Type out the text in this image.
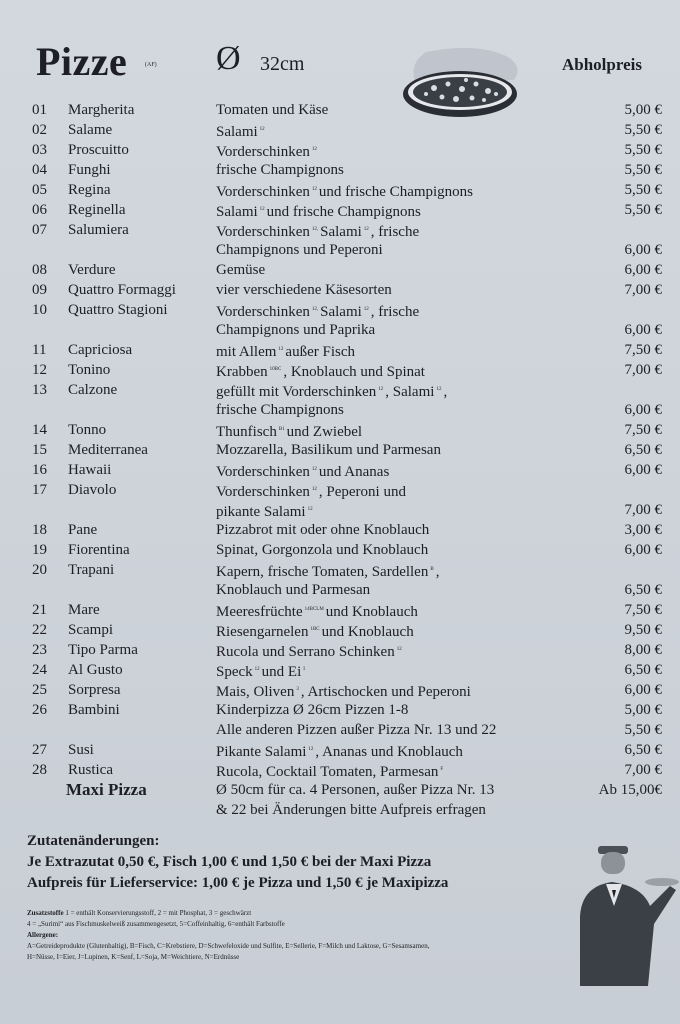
Pizze	(AF) Ø 32cm	Abholpreis
01 Margherita	Tomaten und Käse	5,00 €
02 Salame	Salami $^{12}$	5,50 €
03 Proscuitto	Vorderschinken $^{12}$	5,50 €
04 Funghi	frische Champignons	5,50 €
05 Regina	Vorderschinken $^{12}$ und frische Champignons	5,50 €
06 Reginella	Salami $^{12}$ und frische Champignons	5,50 €
07 Salumiera	Vorderschinken $^{12,}$ Salami $^{12}$ , frische
Champignons und Peperoni	6,00 €
08 Verdure	Gemüse	6,00 €
09 Quattro Formaggi	vier verschiedene Käsesorten	7,00 €
10 Quattro Stagioni	Vorderschinken $^{12,}$ Salami $^{12}$ , frische
Champignons und Paprika	6,00 €
11 Capriciosa	mit Allem $^{12}$ außer Fisch	7,50 €
12 Tonino	Krabben $^{10BC}$ , Knoblauch und Spinat	7,00 €
13 Calzone	gefüllt mit Vorderschinken $^{12}$ , Salami $^{12}$ ,
frische Champignons	6,00 €
14 Tonno	Thunfisch $^{B1}$ und Zwiebel	7,50 €
15 Mediterranea	Mozzarella, Basilikum und Parmesan	6,50 €
16 Hawaii	Vorderschinken $^{12}$ und Ananas	6,00 €
17 Diavolo	Vorderschinken $^{12}$ , Peperoni und
pikante Salami $^{12}$	7,00 €
18 Pane	Pizzabrot mit oder ohne Knoblauch	3,00 €
19 Fiorentina	Spinat, Gorgonzola und Knoblauch	6,00 €
20 Trapani	Kapern, frische Tomaten, Sardellen $^B$ ,
Knoblauch und Parmesan	6,50 €
21 Mare	Meeresfrüchte $^{14BCLM}$ und Knoblauch	7,50 €
22 Scampi	Riesengarnelen $^{1BC}$ und Knoblauch	9,50 €
23 Tipo Parma	Rucola und Serrano Schinken $^{12}$	8,00 €
24 Al Gusto	Speck $^{12}$ und Ei $^I$	6,50 €
25 Sorpresa	Mais, Oliven $^3$ , Artischocken und Peperoni	6,00 €
26 Bambini	Kinderpizza Ø 26cm Pizzen 1-8	5,00 €
Alle anderen Pizzen außer Pizza Nr. 13 und 22	5,50 €
27 Susi	Pikante Salami $^{12}$ , Ananas und Knoblauch	6,50 €
28 Rustica	Rucola, Cocktail Tomaten, Parmesan $^F$	7,00 €
Maxi Pizza	Ab 15,00€
Ø 50cm für ca. 4 Personen, außer Pizza Nr. 13
& 22 bei Änderungen bitte Aufpreis erfragen
Zutatenänderungen:
Je Extrazutat 0,50 €, Fisch 1,00 € und 1,50 € bei der Maxi Pizza
Aufpreis für Lieferservice: 1,00 € je Pizza und 1,50 € je Maxipizza
Zusatzstoffe 1 = enthält Konservierungsstoff, 2 = mit Phosphat, 3 = geschwärzt
4 = „Surimi“ aus Fischmuskelweiß zusammengesetzt, 5=Coffeinhaltig, 6=enthält Farbstoffe
Allergene:
A=Getreideprodukte (Glutenhaltig), B=Fisch, C=Krebstiere, D=Schwefeloxide und Sulfite, E=Sellerie, F=Milch und Laktose, G=Sesamsamen,
H=Nüsse, I=Eier, J=Lupinen, K=Senf, L=Soja, M=Weichtiere, N=Erdnüsse
